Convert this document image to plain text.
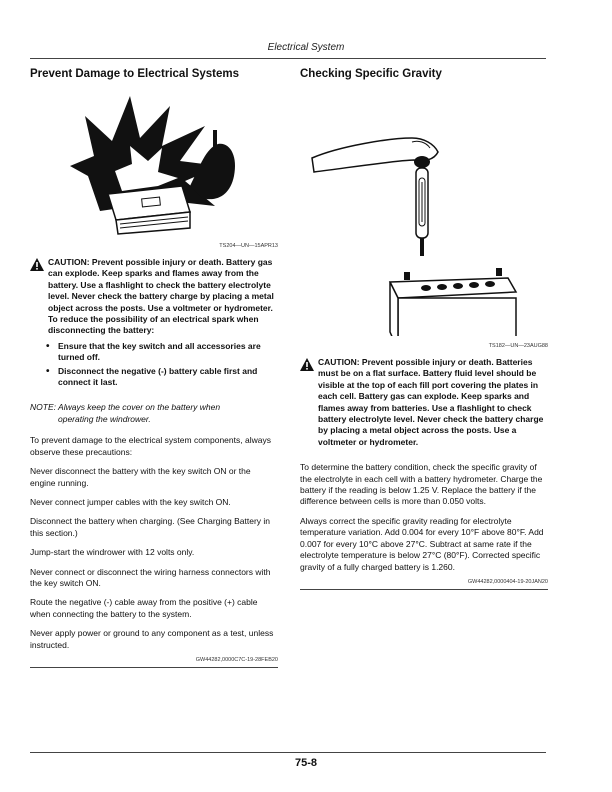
Electrical System
Prevent Damage to Electrical Systems
TS204—UN—15APR13
CAUTION: Prevent possible injury or death. Battery gas can explode. Keep sparks and flames away from the battery. Use a flashlight to check the battery electrolyte level. Never check the battery charge by placing a metal object across the posts. Use a voltmeter or hydrometer. To reduce the possibility of an electrical spark when disconnecting the battery:
• Ensure that the key switch and all accessories are turned off.
• Disconnect the negative (-) battery cable first and connect it last.
NOTE: Always keep the cover on the battery when
operating the windrower.

To prevent damage to the electrical system components, always observe these precautions:

Never disconnect the battery with the key switch ON or the engine running.

Never connect jumper cables with the key switch ON.

Disconnect the battery when charging. (See Charging Battery in this section.)

Jump-start the windrower with 12 volts only.

Never connect or disconnect the wiring harness connectors with the key switch ON.

Route the negative (-) cable away from the positive (+) cable when connecting the battery to the system.

Never apply power or ground to any component as a test, unless instructed.

GW44282,0000C7C-19-28FEB20
Checking Specific Gravity
TS182—UN—23AUG88
CAUTION: Prevent possible injury or death. Batteries must be on a flat surface. Battery fluid level should be visible at the top of each fill port covering the plates in each cell. Battery gas can explode. Keep sparks and flames away from batteries. Use a flashlight to check battery electrolyte level. Never check the battery charge by placing a metal object across the posts. Use a voltmeter or hydrometer.

To determine the battery condition, check the specific gravity of the electrolyte in each cell with a battery hydrometer. Charge the battery if the reading is below 1.25 V. Replace the battery if the difference between cells is more than 0.050 volts.

Always correct the specific gravity reading for electrolyte temperature variation. Add 0.004 for every 10°F above 80°F. Add 0.007 for every 10°C above 27°C. Subtract at same rate if the electrolyte temperature is below 27°C (80°F). Corrected specific gravity of a fully charged battery is 1.260.

GW44282,0000404-19-20JAN20
75-8
